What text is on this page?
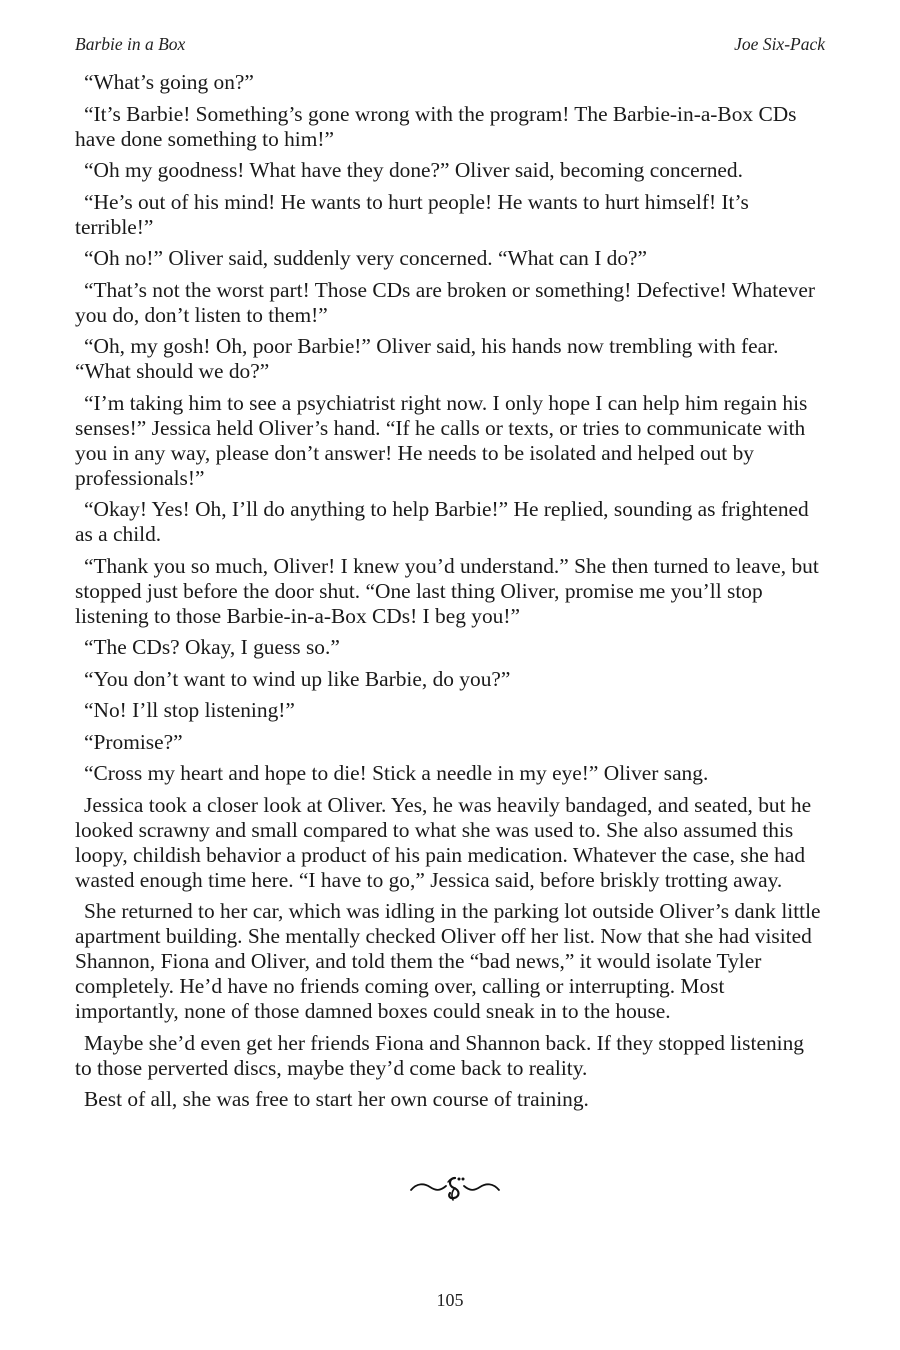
Barbie in a Box	Joe Six-Pack

“What’s going on?”

“It’s Barbie! Something’s gone wrong with the program! The Barbie-in-a-Box CDs have done something to him!”

“Oh my goodness! What have they done?” Oliver said, becoming concerned.

“He’s out of his mind! He wants to hurt people! He wants to hurt himself! It’s terrible!”

“Oh no!” Oliver said, suddenly very concerned. “What can I do?”

“That’s not the worst part! Those CDs are broken or something! Defective! Whatever you do, don’t listen to them!”

“Oh, my gosh! Oh, poor Barbie!” Oliver said, his hands now trembling with fear. “What should we do?”

“I’m taking him to see a psychiatrist right now. I only hope I can help him regain his senses!” Jessica held Oliver’s hand. “If he calls or texts, or tries to communicate with you in any way, please don’t answer! He needs to be isolated and helped out by professionals!”

“Okay! Yes! Oh, I’ll do anything to help Barbie!” He replied, sounding as frightened as a child.

“Thank you so much, Oliver! I knew you’d understand.” She then turned to leave, but stopped just before the door shut. “One last thing Oliver, promise me you’ll stop listening to those Barbie-in-a-Box CDs! I beg you!”

“The CDs? Okay, I guess so.”

“You don’t want to wind up like Barbie, do you?”

“No! I’ll stop listening!”

“Promise?”

“Cross my heart and hope to die! Stick a needle in my eye!” Oliver sang.

Jessica took a closer look at Oliver. Yes, he was heavily bandaged, and seated, but he looked scrawny and small compared to what she was used to. She also assumed this loopy, childish behavior a product of his pain medication. Whatever the case, she had wasted enough time here. “I have to go,” Jessica said, before briskly trotting away.

She returned to her car, which was idling in the parking lot outside Oliver’s dank little apartment building. She mentally checked Oliver off her list. Now that she had visited Shannon, Fiona and Oliver, and told them the “bad news,” it would isolate Tyler completely. He’d have no friends coming over, calling or interrupting. Most importantly, none of those damned boxes could sneak in to the house.

Maybe she’d even get her friends Fiona and Shannon back. If they stopped listening to those perverted discs, maybe they’d come back to reality.

Best of all, she was free to start her own course of training.

105
